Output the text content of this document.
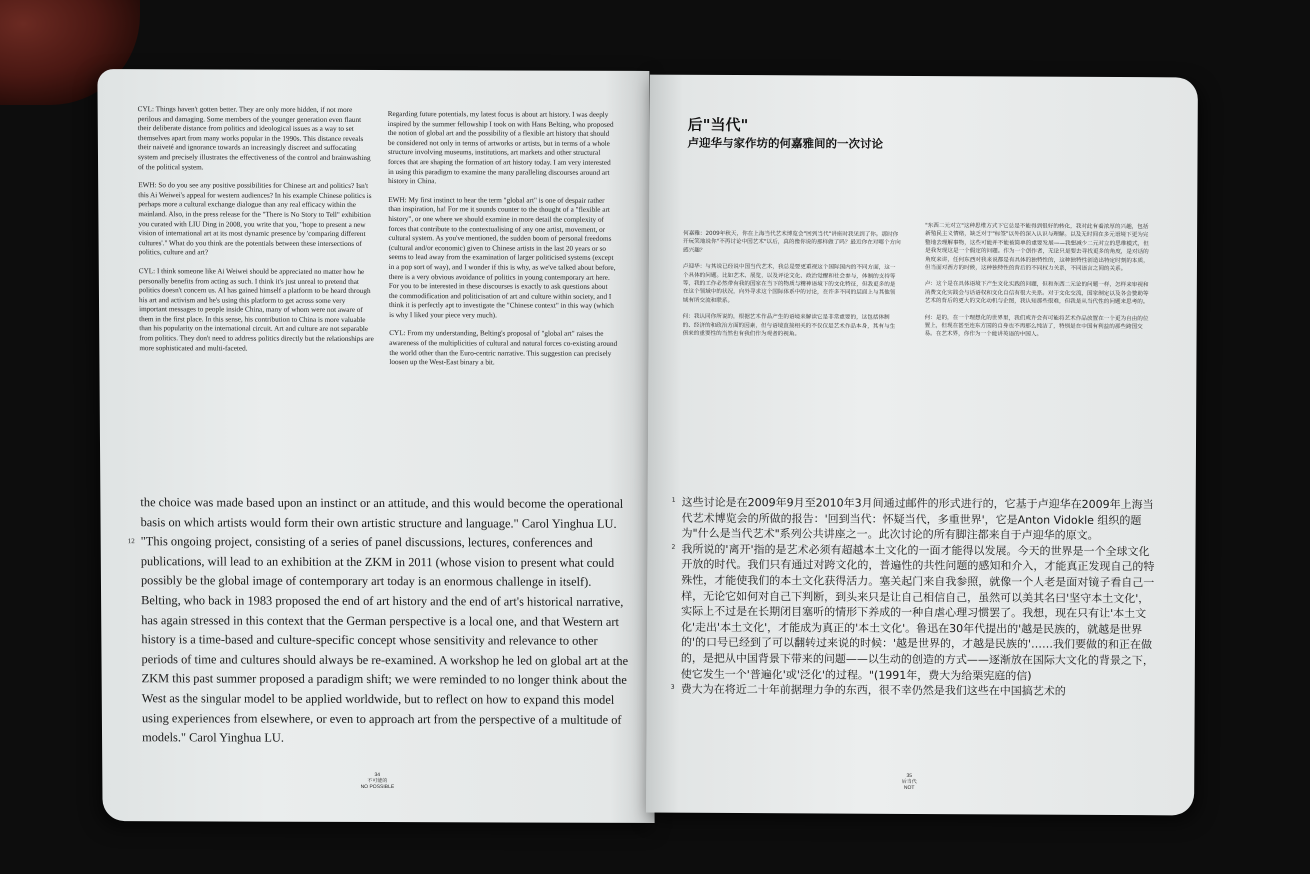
CYL: Things haven't gotten better. They are only more hidden, if not more perilous and damaging. Some members of the younger generation even flaunt their deliberate distance from politics and ideological issues as a way to set themselves apart from many works popular in the 1990s. This distance reveals their naiveté and ignorance towards an increasingly discreet and suffocating system and precisely illustrates the effectiveness of the control and brainwashing of the political system.

EWH: So do you see any positive possibilities for Chinese art and politics? Isn't this Ai Weiwei's appeal for western audiences? In his example Chinese politics is perhaps more a cultural exchange dialogue than any real efficacy within the mainland. Also, in the press release for the "There is No Story to Tell" exhibition you curated with LIU Ding in 2008, you write that you, "hope to present a new vision of international art at its most dynamic presence by 'comparing different cultures'." What do you think are the potentials between these intersections of politics, culture and art?

CYL: I think someone like Ai Weiwei should be appreciated no matter how he personally benefits from acting as such. I think it's just unreal to pretend that politics doesn't concern us. AI has gained himself a platform to be heard through his art and activism and he's using this platform to get across some very important messages to people inside China, many of whom were not aware of them in the first place. In this sense, his contribution to China is more valuable than his popularity on the international circuit. Art and culture are not separable from politics. They don't need to address politics directly but the relationships are more sophisticated and multi-faceted.

Regarding future potentials, my latest focus is about art history. I was deeply inspired by the summer fellowship I took on with Hans Belting, who proposed the notion of global art and the possibility of a flexible art history that should be considered not only in terms of artworks or artists, but in terms of a whole structure involving museums, institutions, art markets and other structural forces that are shaping the formation of art history today. I am very interested in using this paradigm to examine the many paralleling discourses around art history in China.

EWH: My first instinct to hear the term "global art" is one of despair rather than inspiration, ha! For me it sounds counter to the thought of a "flexible art history", or one where we should examine in more detail the complexity of forces that contribute to the contextualising of any one artist, movement, or cultural system. As you've mentioned, the sudden boom of personal freedoms (cultural and/or economic) given to Chinese artists in the last 20 years or so seems to lead away from the examination of larger politicised systems (except in a pop sort of way), and I wonder if this is why, as we've talked about before, there is a very obvious avoidance of politics in young contemporary art here. For you to be interested in these discourses is exactly to ask questions about the commodification and politicisation of art and culture within society, and I think it is perfectly apt to investigate the "Chinese context" in this way (which is why I liked your piece very much).

CYL: From my understanding, Belting's proposal of "global art" raises the awareness of the multiplicities of cultural and natural forces co-existing around the world other than the Euro-centric narrative. This suggestion can precisely loosen up the West-East binary a bit.

the choice was made based upon an instinct or an attitude, and this would become the operational basis on which artists would form their own artistic structure and language." Carol Yinghua LU.

12 "This ongoing project, consisting of a series of panel discussions, lectures, conferences and publications, will lead to an exhibition at the ZKM in 2011 (whose vision to present what could possibly be the global image of contemporary art today is an enormous challenge in itself). Belting, who back in 1983 proposed the end of art history and the end of art's historical narrative, has again stressed in this context that the German perspective is a local one, and that Western art history is a time-based and culture-specific concept whose sensitivity and relevance to other periods of time and cultures should always be re-examined. A workshop he led on global art at the ZKM this past summer proposed a paradigm shift; we were reminded to no longer think about the West as the singular model to be applied worldwide, but to reflect on how to expand this model using experiences from elsewhere, or even to approach art from the perspective of a multitude of models." Carol Yinghua LU.

34
不可能的
NO POSSIBLE
后"当代"
卢迎华与家作坊的何嘉雅间的一次讨论

何嘉雅：2009年秋天，你在上海当代艺术博览会"回到当代"讲座时我见到了你。那时你开玩笑地说你"不再讨论中国艺术"以后，真的像你说的那样做了吗？最近你在对哪个方向感兴趣？

卢迎华：与其说已经说中国当代艺术，我总是要更重视这个国际国内的不同方面，这一个具体的问题。比如艺术、展览，以及评论文化、政治觉醒和社会参与，体制的支持等等，我的工作必然带有我的国家在当下的物质与精神语境下的文化特征，但我更多的是在这个领域中的状况，向外寻求这个国际体系中的讨论，在许多不同的层面上与其他领域有所交流和联系。

何：我认同你所说的，根据艺术作品产生的语境来解读它是非常重要的，这包括体制的、经济的和政治方面的因素，但与语境直接相关的不仅仅是艺术作品本身，其有与生俱来的重要性的当然也有我们作为观者的视角。

"东西二元对立"这种思维方式下它总是不能得到很好的转化，我对此有着浓厚的兴趣，包括新殖民主义情绪，缺乏对于"标签"以外的深入认识与理解。以及无时间在多元语境下更为完整地去理解事物，这些可能并不能被简单的重要发展——我想减少二元对立的思维模式，但是我发现这是一个假定的问题。作为一个创作者，无论只是要去寻找更多的角度，是对话的角度来讲，任何东西对我来说都是有具体的独特性的，这种独特性创造出特定时刻的本质，但当面对西方的时候，这种独特性的背后的不同权力关系，不同语言之间的关系。

卢：这个是在具体语境下产生文化实践的问题，但和东西二元论的问题一样，怎样来审视和消费文化实践会与话语权和文化自信有很大关系。对于文化交流，国家制定以及各会赞助等艺术的背后的更大的文化动机与企图，我认知那些很难，但我是从当代性的问题来思考的。

何：是的，在一个理想化的世界里，我们或许会有可能将艺术作品放置在一个更为自由的位置上，但现在甚至连东方国的自身也不再那么纯洁了，特别是在中国有利益的那些跨国交易。在艺术界，你作为一个能讲英语的中国人。

1 这些讨论是在2009年9月至2010年3月间通过邮件的形式进行的，它基于卢迎华在2009年上海当代艺术博览会的所做的报告：'回到当代：怀疑当代，多重世界'，它是Anton Vidokle 组织的题为"什么是当代艺术"系列公共讲座之一。此次讨论的所有脚注都来自于卢迎华的原文。

2 我所说的'离开'指的是艺术必须有超越本土文化的一面才能得以发展。今天的世界是一个全球文化开放的时代。我们只有通过对跨文化的，普遍性的共性问题的感知和介入，才能真正发现自己的特殊性，才能使我们的本土文化获得活力。塞关起门来自我参照，就像一个人老是面对镜子看自己一样，无论它如何对自己下判断，到头来只是让自己相信自己，虽然可以美其名曰'坚守本土文化'，实际上不过是在长期闭目塞听的情形下养成的一种自虐心理习惯罢了。我想，现在只有让'本土文化'走出'本土文化'，才能成为真正的'本土文化'。鲁迅在30年代提出的'越是民族的，就越是世界的'的口号已经到了可以翻转过来说的时候：'越是世界的，才越是民族的'……我们要做的和正在做的，是把从中国背景下带来的问题——以生动的创造的方式——逐渐放在国际大文化的背景之下，使它发生一个'普遍化'或'泛化'的过程。"(1991年，费大为给栗宪庭的信)

3 费大为在将近二十年前据理力争的东西，很不幸仍然是我们这些在中国搞艺术的

35
后当代
NOT
